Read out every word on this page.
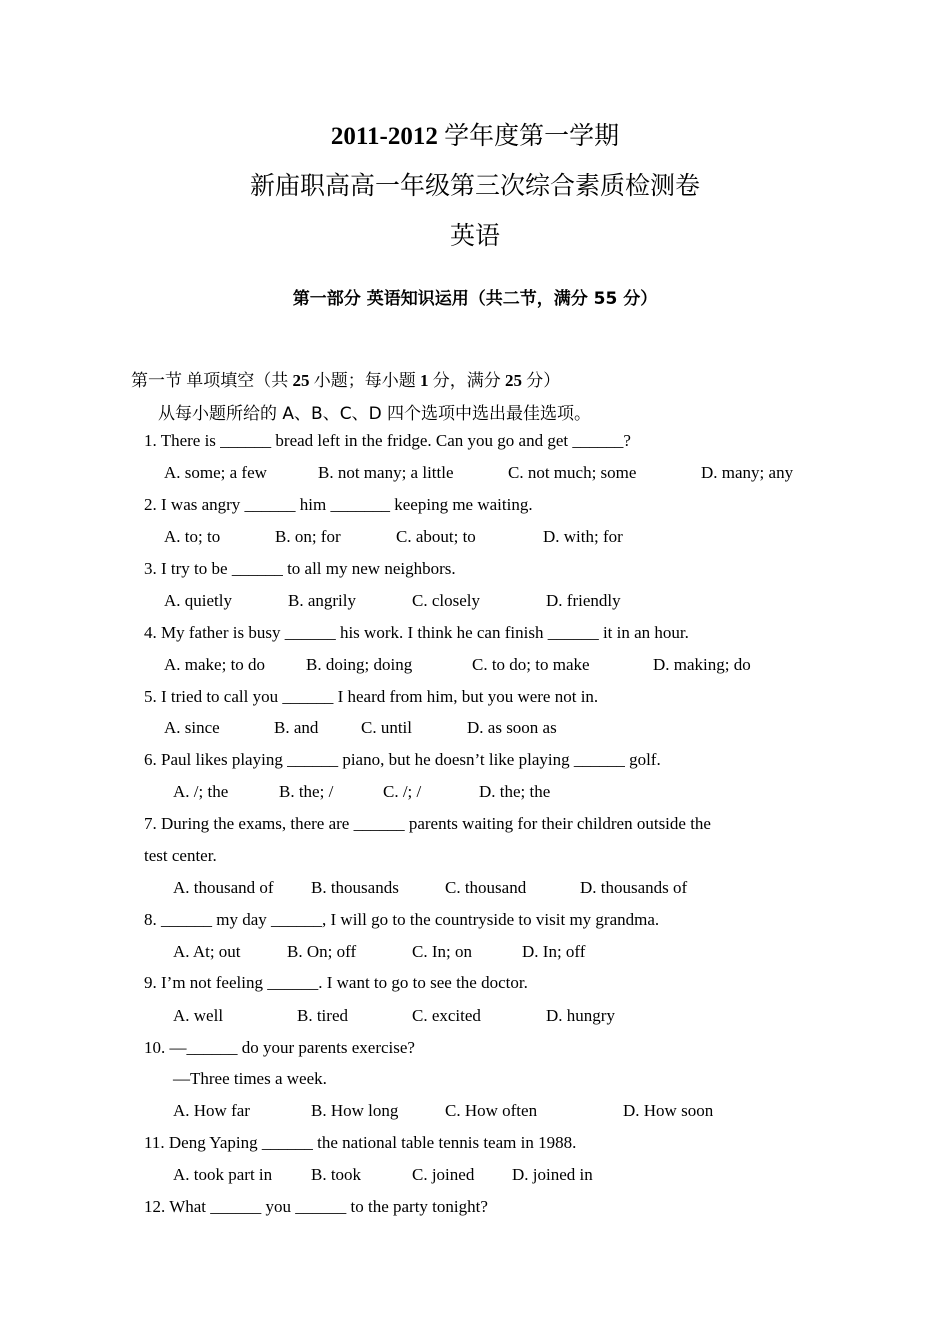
2011-2012 学年度第一学期
新庙职高高一年级第三次综合素质检测卷
英语
第一部分 英语知识运用（共二节，满分 55 分）
第一节 单项填空（共 25 小题；每小题 1 分，满分 25 分）
从每小题所给的 A、B、C、D 四个选项中选出最佳选项。
1. There is ______ bread left in the fridge. Can you go and get ______?
A. some; a few	B. not many; a little	C. not much; some	D. many; any
2. I was angry ______ him _______ keeping me waiting.
A. to; to	B. on; for	C. about; to	D. with; for
3. I try to be ______ to all my new neighbors.
A. quietly	B. angrily	C. closely	D. friendly
4. My father is busy ______ his work. I think he can finish ______ it in an hour.
A. make; to do B. doing; doing	C. to do; to make	D. making; do
5. I tried to call you ______ I heard from him, but you were not in.
A. since	B. and	C. until	D. as soon as
6. Paul likes playing ______ piano, but he doesn’t like playing ______ golf.
A. /; the	B. the; /	C. /; /	D. the; the
7. During the exams, there are ______ parents waiting for their children outside the
test center.
A. thousand of B. thousands	C. thousand	D. thousands of
8. ______ my day ______, I will go to the countryside to visit my grandma.
A. At; out	B. On; off	C. In; on	D. In; off
9. I’m not feeling ______. I want to go to see the doctor.
A. well	B. tired	C. excited	D. hungry
10. —______ do your parents exercise?
—Three times a week.
A. How far	B. How long	C. How often	D. How soon
11. Deng Yaping ______ the national table tennis team in 1988.
A. took part in B. took	C. joined D. joined in
12. What ______ you ______ to the party tonight?
